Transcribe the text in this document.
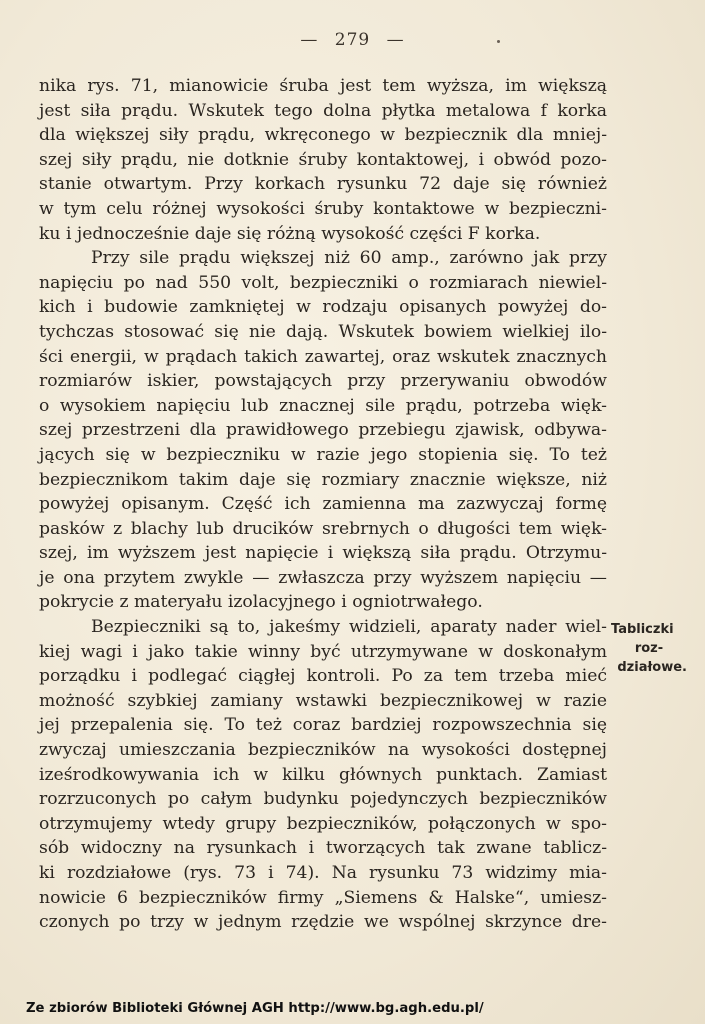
— 279 —
nika rys. 71, mianowicie śruba jest tem wyższa, im większą
jest siła prądu. Wskutek tego dolna płytka metalowa f korka
dla większej siły prądu, wkręconego w bezpiecznik dla mniej-
szej siły prądu, nie dotknie śruby kontaktowej, i obwód pozo-
stanie otwartym. Przy korkach rysunku 72 daje się również
w tym celu różnej wysokości śruby kontaktowe w bezpieczni-
ku i jednocześnie daje się różną wysokość części F korka.
Przy sile prądu większej niż 60 amp., zarówno jak przy
napięciu po nad 550 volt, bezpieczniki o rozmiarach niewiel-
kich i budowie zamkniętej w rodzaju opisanych powyżej do-
tychczas stosować się nie dają. Wskutek bowiem wielkiej ilo-
ści energii, w prądach takich zawartej, oraz wskutek znacznych
rozmiarów iskier, powstających przy przerywaniu obwodów
o wysokiem napięciu lub znacznej sile prądu, potrzeba więk-
szej przestrzeni dla prawidłowego przebiegu zjawisk, odbywa-
jących się w bezpieczniku w razie jego stopienia się. To też
bezpiecznikom takim daje się rozmiary znacznie większe, niż
powyżej opisanym. Część ich zamienna ma zazwyczaj formę
pasków z blachy lub drucików srebrnych o długości tem więk-
szej, im wyższem jest napięcie i większą siła prądu. Otrzymu-
je ona przytem zwykle — zwłaszcza przy wyższem napięciu —
pokrycie z materyału izolacyjnego i ogniotrwałego.
Bezpieczniki są to, jakeśmy widzieli, aparaty nader wiel-
kiej wagi i jako takie winny być utrzymywane w doskonałym
porządku i podlegać ciągłej kontroli. Po za tem trzeba mieć
możność szybkiej zamiany wstawki bezpiecznikowej w razie
jej przepalenia się. To też coraz bardziej rozpowszechnia się
zwyczaj umieszczania bezpieczników na wysokości dostępnej
iześrodkowywania ich w kilku głównych punktach. Zamiast
rozrzuconych po całym budynku pojedynczych bezpieczników
otrzymujemy wtedy grupy bezpieczników, połączonych w spo-
sób widoczny na rysunkach i tworzących tak zwane tablicz-
ki rozdziałowe (rys. 73 i 74). Na rysunku 73 widzimy mia-
nowicie 6 bezpieczników firmy „Siemens & Halske“, umiesz-
czonych po trzy w jednym rzędzie we wspólnej skrzynce dre-
Tabliczki
roz-
działowe.
Ze zbiorów Biblioteki Głównej AGH http://www.bg.agh.edu.pl/
